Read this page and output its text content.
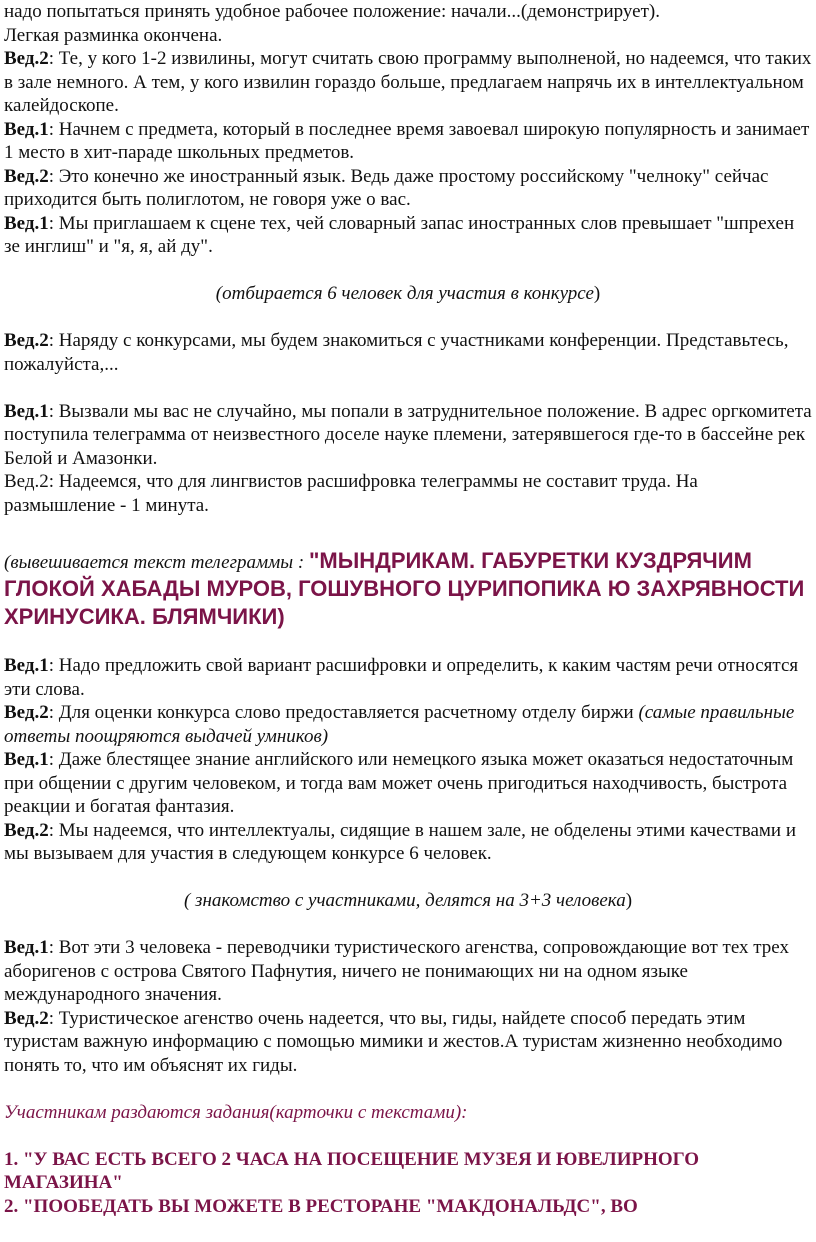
надо попытаться принять удобное рабочее положение: начали...(демонстрирует).

Легкая разминка окончена.

Вед.2: Те, у кого 1-2 извилины, могут считать свою программу выполненой, но надеемся, что таких в зале немного. А тем, у кого извилин гораздо больше, предлагаем напрячь их в интеллектуальном калейдоскопе.

Вед.1: Начнем с предмета, который в последнее время завоевал широкую популярность и занимает 1 место в хит-параде школьных предметов.

Вед.2: Это конечно же иностранный язык. Ведь даже простому российскому "челноку" сейчас приходится быть полиглотом, не говоря уже о вас.

Вед.1: Мы приглашаем к сцене тех, чей словарный запас иностранных слов превышает "шпрехен зе инглиш" и "я, я, ай ду".

(отбирается 6 человек для участия в конкурсе)

Вед.2: Наряду с конкурсами, мы будем знакомиться с участниками конференции. Представьтесь, пожалуйста,...

Вед.1: Вызвали мы вас не случайно, мы попали в затруднительное положение. В адрес оргкомитета поступила телеграмма от неизвестного доселе науке племени, затерявшегося где-то в бассейне рек Белой и Амазонки.

Вед.2: Надеемся, что для лингвистов расшифровка телеграммы не составит труда. На размышление - 1 минута.

(вывешивается текст телеграммы : "МЫНДРИКАМ. ГАБУРЕТКИ КУЗДРЯЧИМ ГЛОКОЙ ХАБАДЫ МУРОВ, ГОШУВНОГО ЦУРИПОПИКА Ю ЗАХРЯВНОСТИ ХРИНУСИКА. БЛЯМЧИКИ)

Вед.1: Надо предложить свой вариант расшифровки и определить, к каким частям речи относятся эти слова.

Вед.2: Для оценки конкурса слово предоставляется расчетному отделу биржи (самые правильные ответы поощряются выдачей умников)

Вед.1: Даже блестящее знание английского или немецкого языка может оказаться недостаточным при общении с другим человеком, и тогда вам может очень пригодиться находчивость, быстрота реакции и богатая фантазия.

Вед.2: Мы надеемся, что интеллектуалы, сидящие в нашем зале, не обделены этими качествами и мы вызываем для участия в следующем конкурсе 6 человек.

( знакомство с участниками, делятся на 3+3 человека)

Вед.1: Вот эти 3 человека - переводчики туристического агенства, сопровождающие вот тех трех аборигенов с острова Святого Пафнутия, ничего не понимающих ни на одном языке международного значения.

Вед.2: Туристическое агенство очень надеется, что вы, гиды, найдете способ передать этим туристам важную информацию с помощью мимики и жестов.А туристам жизненно необходимо понять то, что им объяснят их гиды.

Участникам раздаются задания(карточки с текстами):

1. "У ВАС ЕСТЬ ВСЕГО 2 ЧАСА НА ПОСЕЩЕНИЕ МУЗЕЯ И ЮВЕЛИРНОГО МАГАЗИНА"

2. "ПООБЕДАТЬ ВЫ МОЖЕТЕ В РЕСТОРАНЕ "МАКДОНАЛЬДС", ВО
